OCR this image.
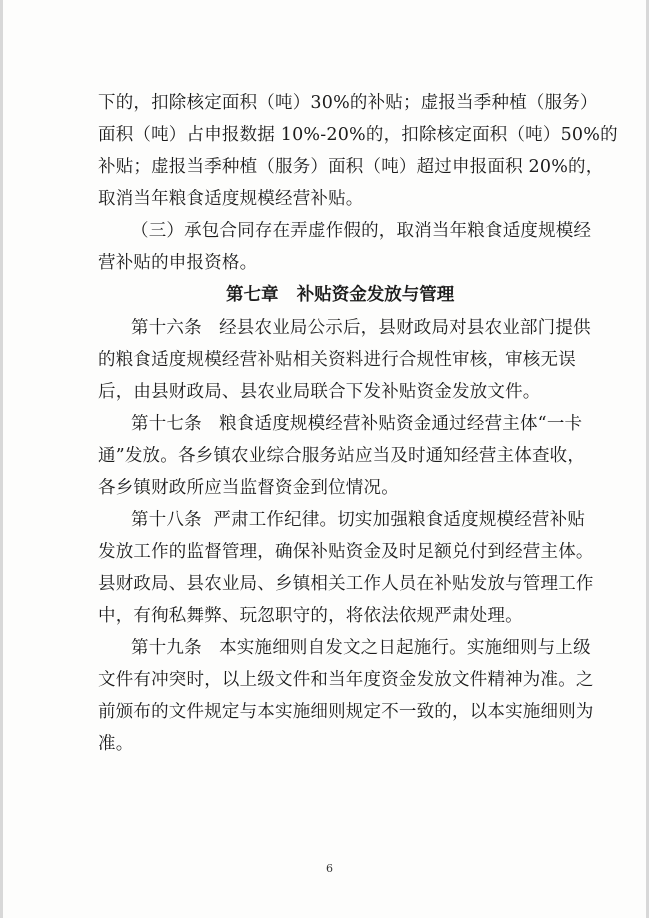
下的，扣除核定面积（吨）30%的补贴；虚报当季种植（服务）
面积（吨）占申报数据 10%-20%的，扣除核定面积（吨）50%的
补贴；虚报当季种植（服务）面积（吨）超过申报面积 20%的，
取消当年粮食适度规模经营补贴。
（三）承包合同存在弄虚作假的，取消当年粮食适度规模经
营补贴的申报资格。
第七章   补贴资金发放与管理
第十六条   经县农业局公示后，县财政局对县农业部门提供
的粮食适度规模经营补贴相关资料进行合规性审核，审核无误
后，由县财政局、县农业局联合下发补贴资金发放文件。
第十七条   粮食适度规模经营补贴资金通过经营主体“一卡
通”发放。各乡镇农业综合服务站应当及时通知经营主体查收，
各乡镇财政所应当监督资金到位情况。
第十八条  严肃工作纪律。切实加强粮食适度规模经营补贴
发放工作的监督管理，确保补贴资金及时足额兑付到经营主体。
县财政局、县农业局、乡镇相关工作人员在补贴发放与管理工作
中，有徇私舞弊、玩忽职守的，将依法依规严肃处理。
第十九条   本实施细则自发文之日起施行。实施细则与上级
文件有冲突时，以上级文件和当年度资金发放文件精神为准。之
前颁布的文件规定与本实施细则规定不一致的，以本实施细则为
准。
6
